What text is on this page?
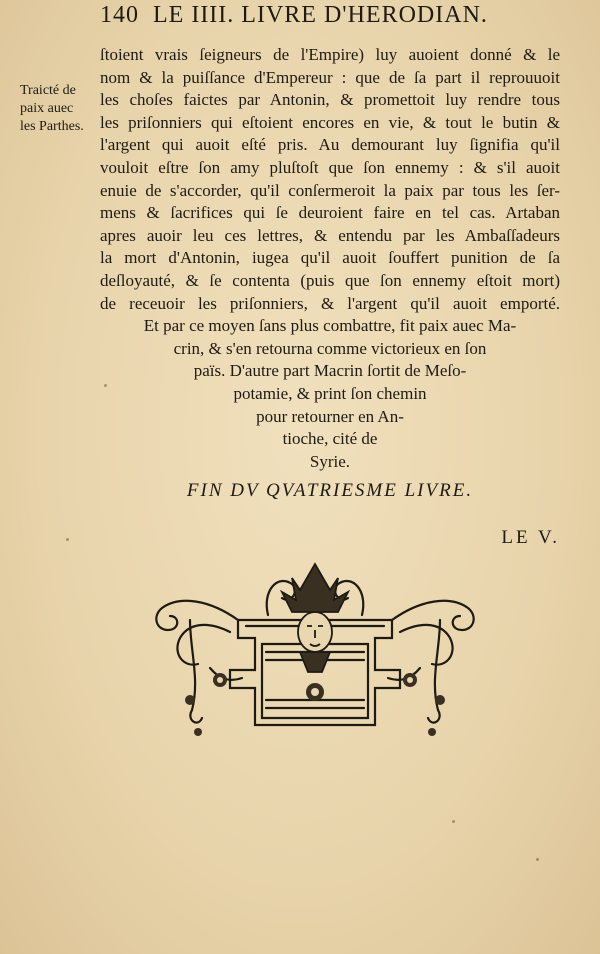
140 LE IIII. LIVRE D'HERODIAN.
Traicté de
paix auec
les Parthes.
ſtoient vrais ſeigneurs de l'Empire) luy auoient donné & le
nom & la puiſſance d'Empereur : que de ſa part il reprouuoit
les choſes faictes par Antonin, & promettoit luy rendre tous
les priſonniers qui eſtoient encores en vie, & tout le butin &
l'argent qui auoit eſté pris. Au demourant luy ſignifia qu'il
vouloit eſtre ſon amy pluſtoſt que ſon ennemy : & s'il auoit
enuie de s'accorder, qu'il conſermeroit la paix par tous les ſer-
mens & ſacrifices qui ſe deuroient faire en tel cas. Artaban
apres auoir leu ces lettres, & entendu par les Ambaſſadeurs
la mort d'Antonin, iugea qu'il auoit ſouffert punition de ſa
deſloyauté, & ſe contenta (puis que ſon ennemy eſtoit mort)
de receuoir les priſonniers, & l'argent qu'il auoit emporté.
Et par ce moyen ſans plus combattre, fit paix auec Ma-
crin, & s'en retourna comme victorieux en ſon
païs. D'autre part Macrin ſortit de Meſo-
potamie, & print ſon chemin
pour retourner en An-
tioche, cité de
Syrie.
FIN DV QVATRIESME LIVRE.
LE V.
